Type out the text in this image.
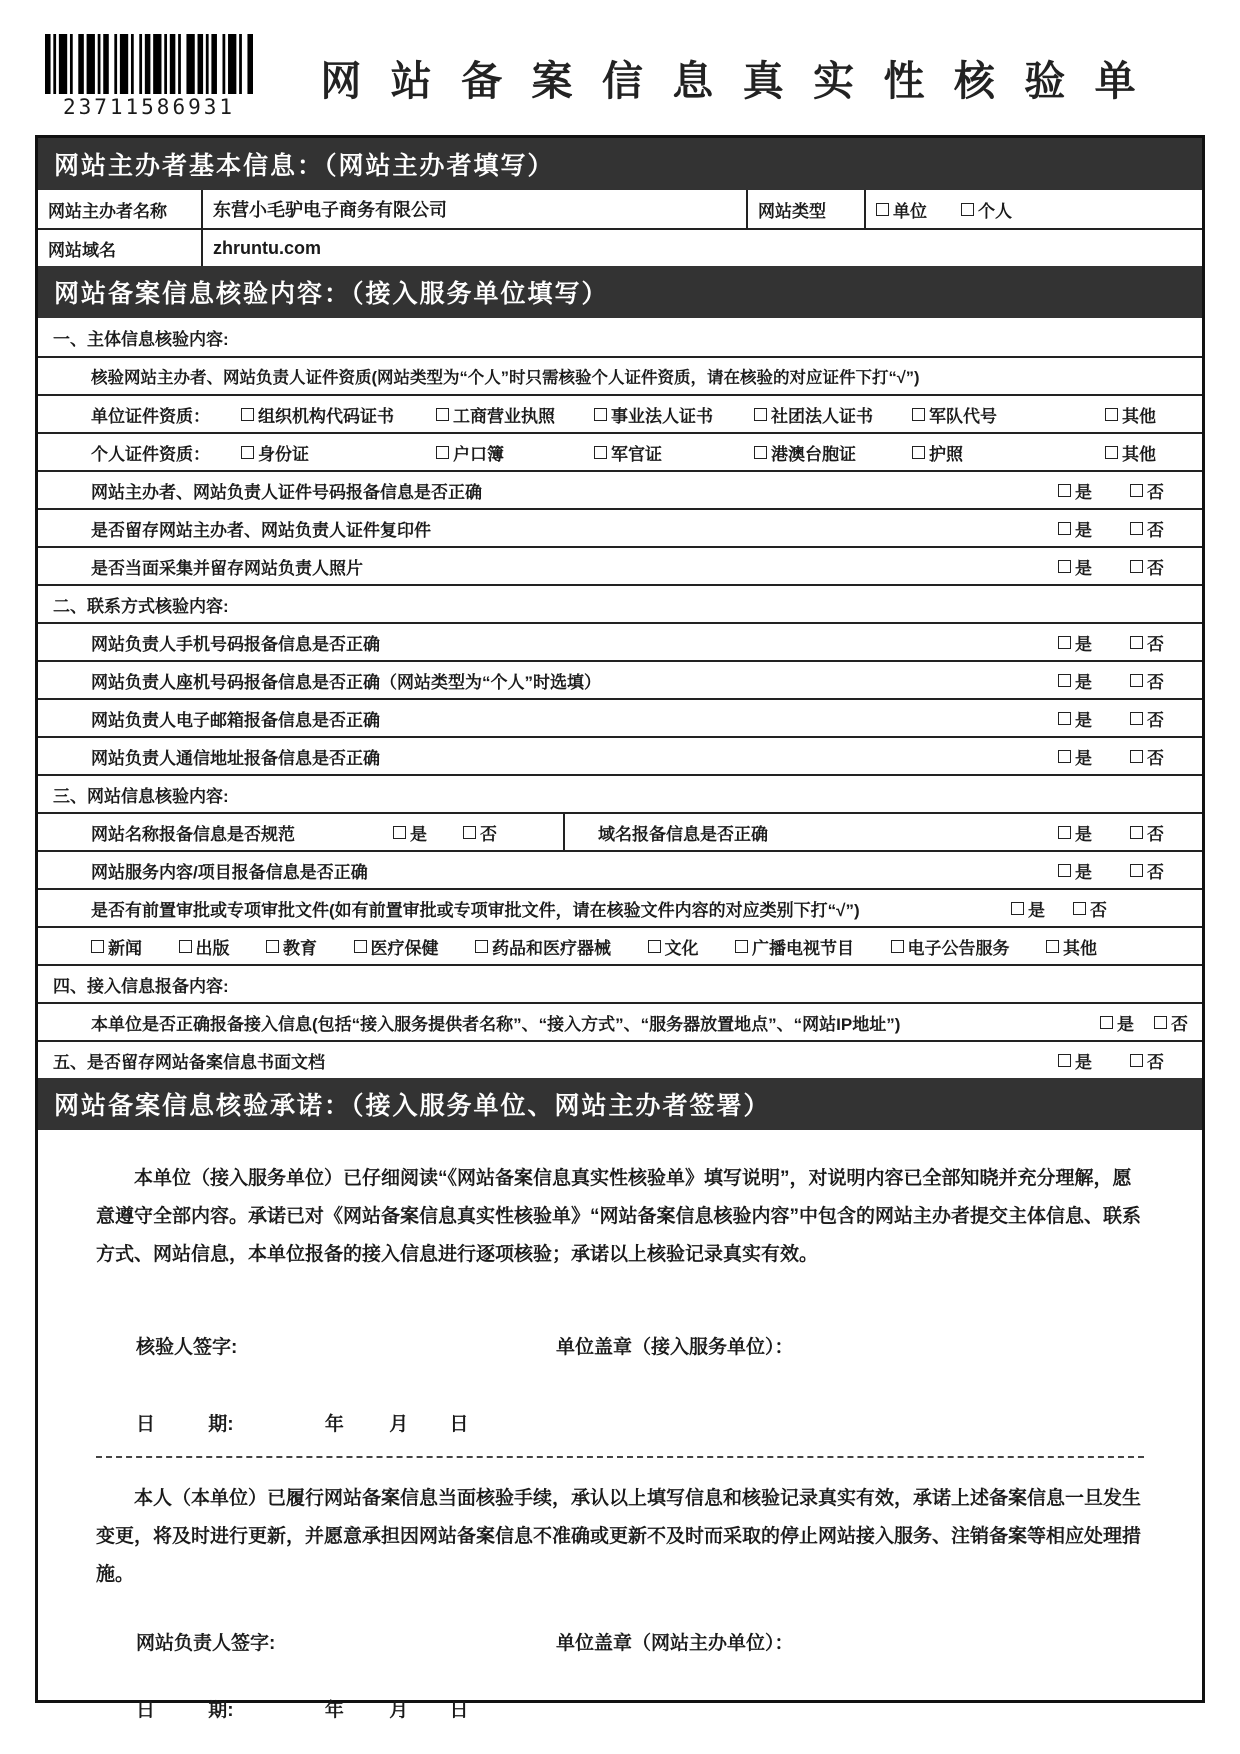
23711586931
网 站 备 案 信 息 真 实 性 核 验 单
网站主办者基本信息：（网站主办者填写）
网站主办者名称	东营小毛驴电子商务有限公司	网站类型	单位	个人
网站域名	zhruntu.com
网站备案信息核验内容：（接入服务单位填写）
一、主体信息核验内容:
核验网站主办者、网站负责人证件资质(网站类型为“个人”时只需核验个人证件资质，请在核验的对应证件下打“√”)
单位证件资质：	组织机构代码证书	工商营业执照	事业法人证书	社团法人证书	军队代号	其他
个人证件资质：	身份证	户口簿	军官证	港澳台胞证	护照	其他
网站主办者、网站负责人证件号码报备信息是否正确	是	否
是否留存网站主办者、网站负责人证件复印件	是	否
是否当面采集并留存网站负责人照片	是	否
二、联系方式核验内容:
网站负责人手机号码报备信息是否正确	是	否
网站负责人座机号码报备信息是否正确（网站类型为“个人”时选填）	是	否
网站负责人电子邮箱报备信息是否正确	是	否
网站负责人通信地址报备信息是否正确	是	否
三、网站信息核验内容:
网站名称报备信息是否规范	是	否	域名报备信息是否正确	是	否
网站服务内容/项目报备信息是否正确	是	否
是否有前置审批或专项审批文件(如有前置审批或专项审批文件，请在核验文件内容的对应类别下打“√”)	是	否
新闻	出版	教育	医疗保健	药品和医疗器械	文化	广播电视节目	电子公告服务	其他
四、接入信息报备内容:
本单位是否正确报备接入信息(包括“接入服务提供者名称”、“接入方式”、“服务器放置地点”、“网站IP地址”)	是 否
五、是否留存网站备案信息书面文档	是	否
网站备案信息核验承诺：（接入服务单位、网站主办者签署）

本单位（接入服务单位）已仔细阅读“《网站备案信息真实性核验单》填写说明”，对说明内容已全部知晓并充分理解，愿意遵守全部内容。承诺已对《网站备案信息真实性核验单》“网站备案信息核验内容”中包含的网站主办者提交主体信息、联系方式、网站信息，本单位报备的接入信息进行逐项核验；承诺以上核验记录真实有效。

核验人签字:	单位盖章（接入服务单位）：
日	期:	年 月 日

本人（本单位）已履行网站备案信息当面核验手续，承认以上填写信息和核验记录真实有效，承诺上述备案信息一旦发生变更，将及时进行更新，并愿意承担因网站备案信息不准确或更新不及时而采取的停止网站接入服务、注销备案等相应处理措施。

网站负责人签字:	单位盖章（网站主办单位）：
日	期:	年 月 日
